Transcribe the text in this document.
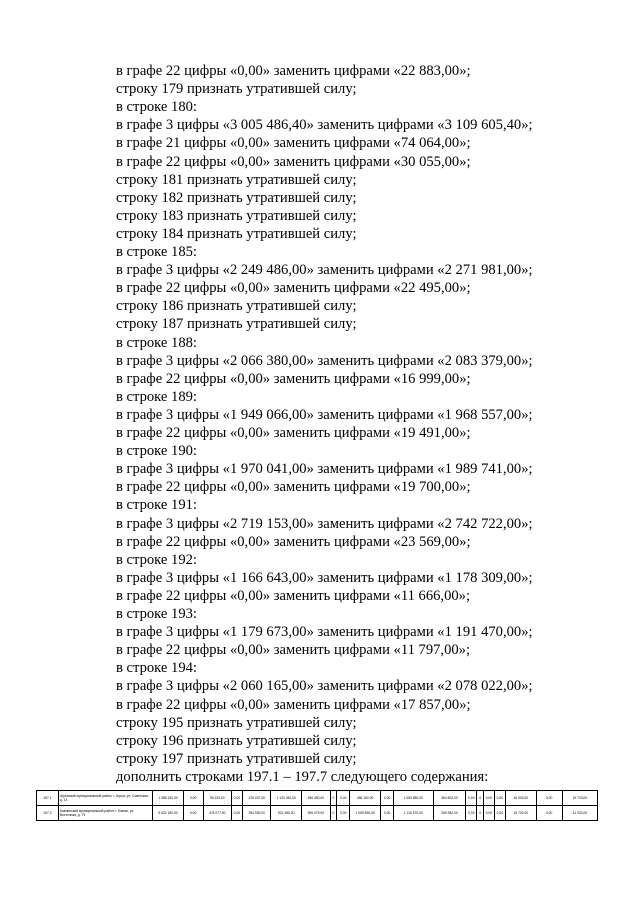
в графе 22 цифры «0,00» заменить цифрами «22 883,00»;
строку 179 признать утратившей силу;
в строке 180:
в графе 3 цифры «3 005 486,40» заменить цифрами «3 109 605,40»;
в графе 21 цифры «0,00» заменить цифрами «74 064,00»;
в графе 22 цифры «0,00» заменить цифрами «30 055,00»;
строку 181 признать утратившей силу;
строку 182 признать утратившей силу;
строку 183 признать утратившей силу;
строку 184 признать утратившей силу;
в строке 185:
в графе 3 цифры «2 249 486,00» заменить цифрами «2 271 981,00»;
в графе 22 цифры «0,00» заменить цифрами «22 495,00»;
строку 186 признать утратившей силу;
строку 187 признать утратившей силу;
в строке 188:
в графе 3 цифры «2 066 380,00» заменить цифрами «2 083 379,00»;
в графе 22 цифры «0,00» заменить цифрами «16 999,00»;
в строке 189:
в графе 3 цифры «1 949 066,00» заменить цифрами «1 968 557,00»;
в графе 22 цифры «0,00» заменить цифрами «19 491,00»;
в строке 190:
в графе 3 цифры «1 970 041,00» заменить цифрами «1 989 741,00»;
в графе 22 цифры «0,00» заменить цифрами «19 700,00»;
в строке 191:
в графе 3 цифры «2 719 153,00» заменить цифрами «2 742 722,00»;
в графе 22 цифры «0,00» заменить цифрами «23 569,00»;
в строке 192:
в графе 3 цифры «1 166 643,00» заменить цифрами «1 178 309,00»;
в графе 22 цифры «0,00» заменить цифрами «11 666,00»;
в строке 193:
в графе 3 цифры «1 179 673,00» заменить цифрами «1 191 470,00»;
в графе 22 цифры «0,00» заменить цифрами «11 797,00»;
в строке 194:
в графе 3 цифры «2 060 165,00» заменить цифрами «2 078 022,00»;
в графе 22 цифры «0,00» заменить цифрами «17 857,00»;
строку 195 признать утратившей силу;
строку 196 признать утратившей силу;
строку 197 признать утратившей силу;
дополнить строками 197.1 – 197.7 следующего содержания:
197.1	Агрызский муниципальный район, г. Агрыз, ул. Советская, д. 13	1 388 190,00	0,00	95 193,00	0,00	476 247,00	1 120 062,00	456 450,00	0	0,00	456 160,00	0,00	1 069 850,00	364 602,00	0,00	0	0,00	0,00	16 003,00	0,00	19 703,00
197.2	Бавлинский муниципальный район, г. Бавлы, ул. Восточная, д. 79	5 632 180,00	0,00	476 077,00	0,00	394 930,00	521 486,00	906 079,00	0	0,00	1 069 590,00	0,00	1 116 570,00	269 952,00	0,00	0	0,00	0,00	15 702,00	0,00	41 932,00
